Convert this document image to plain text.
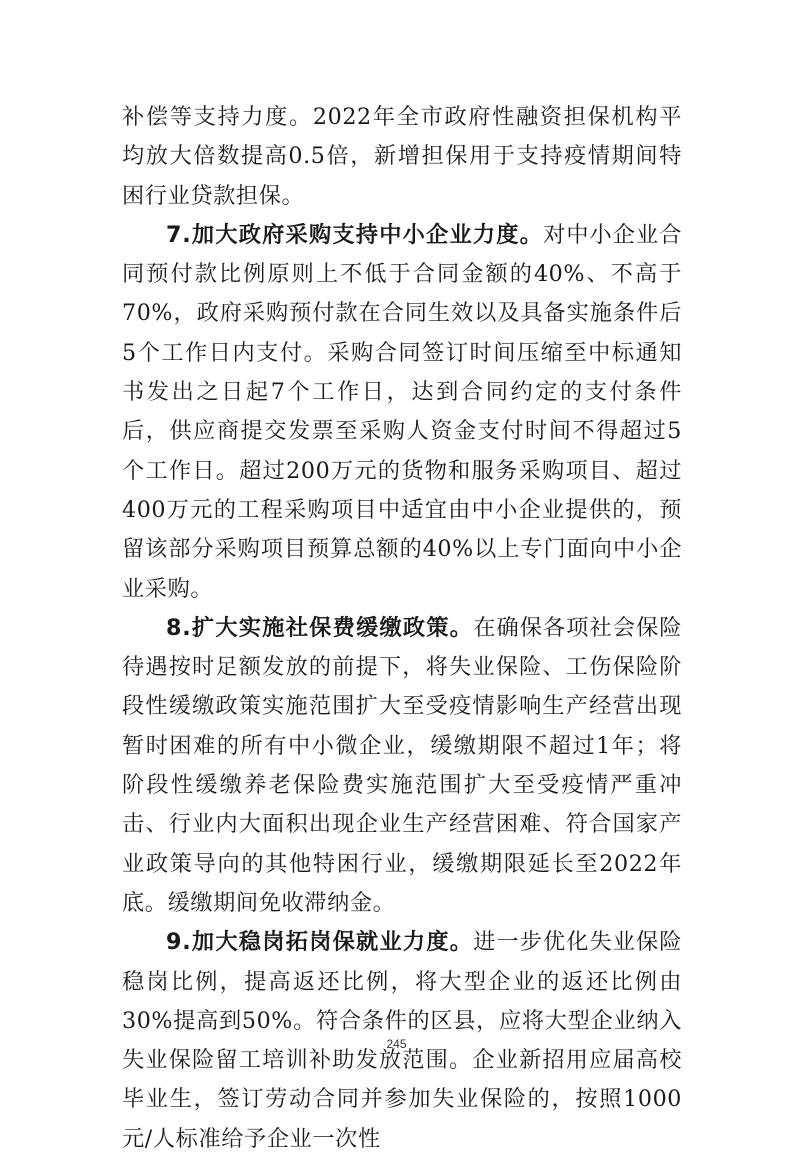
补偿等支持力度。2022年全市政府性融资担保机构平均放大倍数提高0.5倍，新增担保用于支持疫情期间特困行业贷款担保。

7.加大政府采购支持中小企业力度。对中小企业合同预付款比例原则上不低于合同金额的40%、不高于70%，政府采购预付款在合同生效以及具备实施条件后5个工作日内支付。采购合同签订时间压缩至中标通知书发出之日起7个工作日，达到合同约定的支付条件后，供应商提交发票至采购人资金支付时间不得超过5个工作日。超过200万元的货物和服务采购项目、超过400万元的工程采购项目中适宜由中小企业提供的，预留该部分采购项目预算总额的40%以上专门面向中小企业采购。

8.扩大实施社保费缓缴政策。在确保各项社会保险待遇按时足额发放的前提下，将失业保险、工伤保险阶段性缓缴政策实施范围扩大至受疫情影响生产经营出现暂时困难的所有中小微企业，缓缴期限不超过1年；将阶段性缓缴养老保险费实施范围扩大至受疫情严重冲击、行业内大面积出现企业生产经营困难、符合国家产业政策导向的其他特困行业，缓缴期限延长至2022年底。缓缴期间免收滞纳金。

9.加大稳岗拓岗保就业力度。进一步优化失业保险稳岗比例，提高返还比例，将大型企业的返还比例由30%提高到50%。符合条件的区县，应将大型企业纳入失业保险留工培训补助发放范围。企业新招用应届高校毕业生，签订劳动合同并参加失业保险的，按照1000元/人标准给予企业一次性

245
